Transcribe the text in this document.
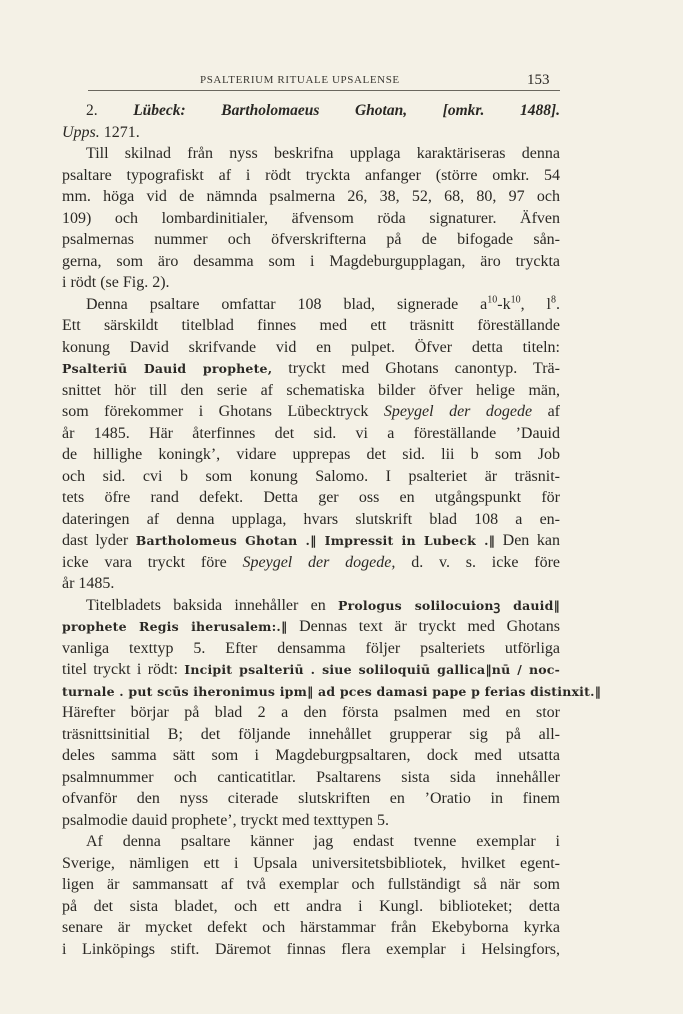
PSALTERIUM RITUALE UPSALENSE	153
2. Lübeck: Bartholomaeus Ghotan, [omkr. 1488].
Upps. 1271.
Till skilnad från nyss beskrifna upplaga karaktäriseras denna
psaltare typografiskt af i rödt tryckta anfanger (större omkr. 54
mm. höga vid de nämnda psalmerna 26, 38, 52, 68, 80, 97 och
109) och lombardinitialer, äfvensom röda signaturer. Äfven
psalmernas nummer och öfverskrifterna på de bifogade sån-
gerna, som äro desamma som i Magdeburgupplagan, äro tryckta
i rödt (se Fig. 2).
Denna psaltare omfattar 108 blad, signerade $a^{10}-k^{10}$, $l^8$.
Ett särskildt titelblad finnes med ett träsnitt föreställande
konung David skrifvande vid en pulpet. Öfver detta titeln:
Psalteriū Dauid prophete, tryckt med Ghotans canontyp. Trä-
snittet hör till den serie af schematiska bilder öfver helige män,
som förekommer i Ghotans Lübecktryck Speygel der dogede af
år 1485. Här återfinnes det sid. vi a föreställande ’Dauid
de hillighe koningk’, vidare upprepas det sid. lii b som Job
och sid. cvi b som konung Salomo. I psalteriet är träsnit-
tets öfre rand defekt. Detta ger oss en utgångspunkt för
dateringen af denna upplaga, hvars slutskrift blad 108 a en-
dast lyder Bartholomeus Ghotan .‖ Impressit in Lubeck .‖ Den kan
icke vara tryckt före Speygel der dogede, d. v. s. icke före
år 1485.
Titelbladets baksida innehåller en Prologus solilocuionꝫ dauid‖
prophete Regis iherusalem:.‖ Dennas text är tryckt med Ghotans
vanliga texttyp 5. Efter densamma följer psalteriets utförliga
titel tryckt i rödt: Incipit psalteriū . siue soliloquiū gallica‖nū / noc-
turnale . put scūs iheronimus ipm‖ ad pces damasi pape p ferias distinxit.‖
Härefter börjar på blad 2 a den första psalmen med en stor
träsnittsinitial B; det följande innehållet grupperar sig på all-
deles samma sätt som i Magdeburgpsaltaren, dock med utsatta
psalmnummer och canticatitlar. Psaltarens sista sida innehåller
ofvanför den nyss citerade slutskriften en ’Oratio in finem
psalmodie dauid prophete’, tryckt med texttypen 5.
Af denna psaltare känner jag endast tvenne exemplar i
Sverige, nämligen ett i Upsala universitetsbibliotek, hvilket egent-
ligen är sammansatt af två exemplar och fullständigt så när som
på det sista bladet, och ett andra i Kungl. biblioteket; detta
senare är mycket defekt och härstammar från Ekebyborna kyrka
i Linköpings stift. Däremot finnas flera exemplar i Helsingfors,
